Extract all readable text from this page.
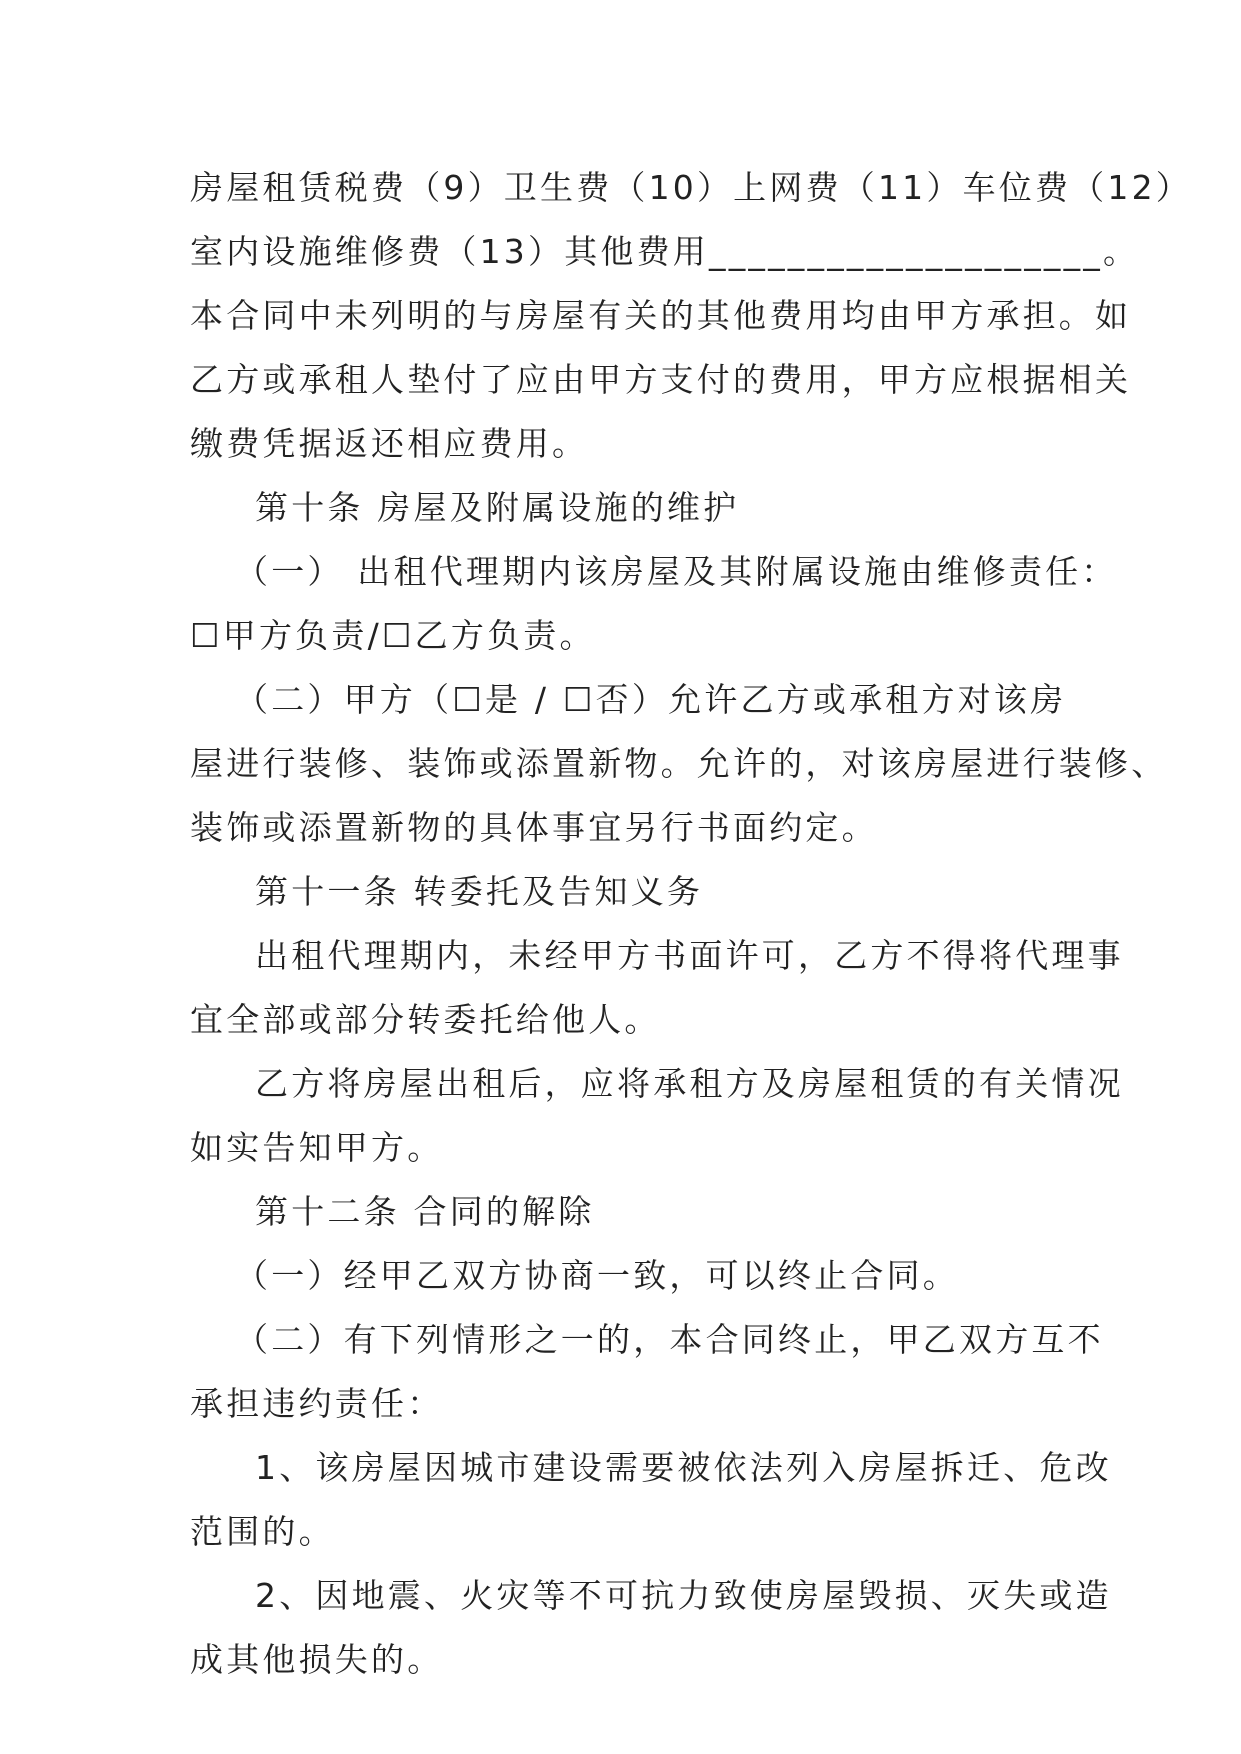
房屋租赁税费（9）卫生费（10）上网费（11）车位费（12）
室内设施维修费（13）其他费用____________________。
本合同中未列明的与房屋有关的其他费用均由甲方承担。如
乙方或承租人垫付了应由甲方支付的费用，甲方应根据相关
缴费凭据返还相应费用。
第十条 房屋及附属设施的维护
（一） 出租代理期内该房屋及其附属设施由维修责任：
☐甲方负责/☐乙方负责。
（二）甲方（☐是 / ☐否）允许乙方或承租方对该房
屋进行装修、装饰或添置新物。允许的，对该房屋进行装修、
装饰或添置新物的具体事宜另行书面约定。
第十一条 转委托及告知义务
出租代理期内，未经甲方书面许可，乙方不得将代理事
宜全部或部分转委托给他人。
乙方将房屋出租后，应将承租方及房屋租赁的有关情况
如实告知甲方。
第十二条 合同的解除
（一）经甲乙双方协商一致，可以终止合同。
（二）有下列情形之一的，本合同终止，甲乙双方互不
承担违约责任：
1、该房屋因城市建设需要被依法列入房屋拆迁、危改
范围的。
2、因地震、火灾等不可抗力致使房屋毁损、灭失或造
成其他损失的。
